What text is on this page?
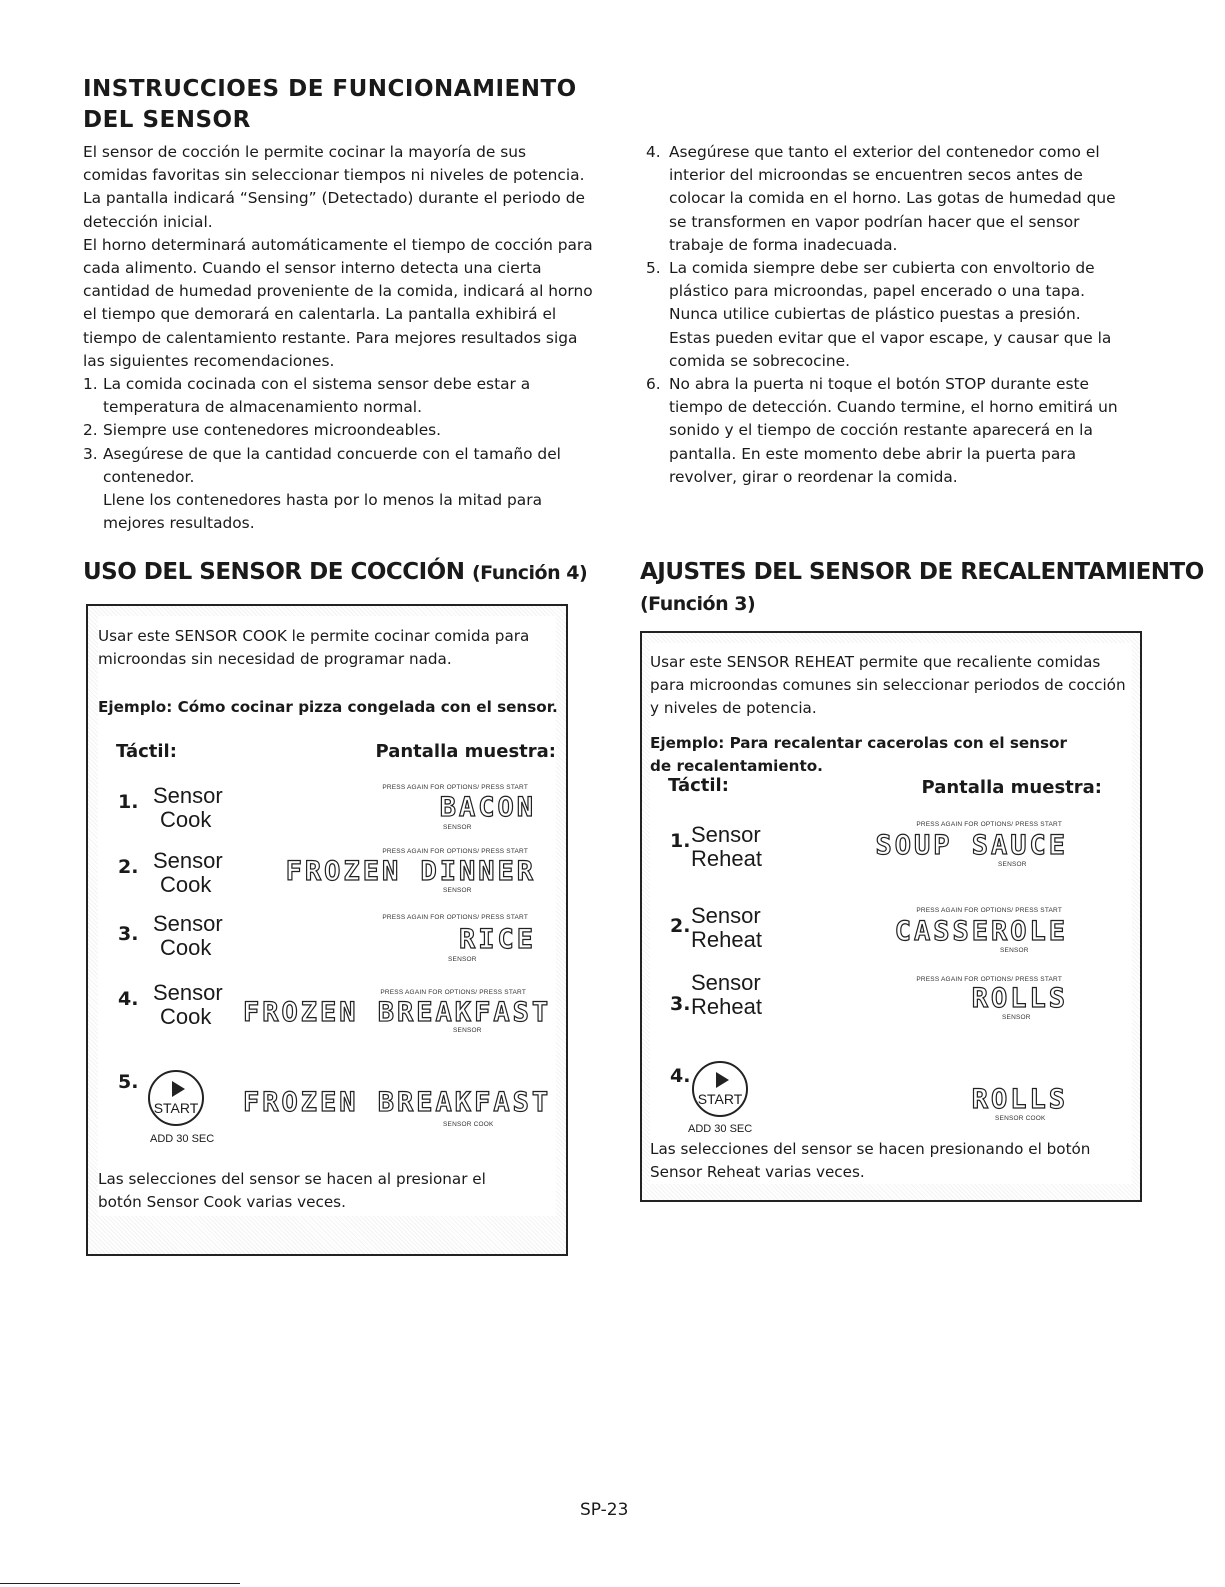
INSTRUCCIOES DE FUNCIONAMIENTO
DEL SENSOR

El sensor de cocción le permite cocinar la mayoría de sus comidas favoritas sin seleccionar tiempos ni niveles de potencia. La pantalla indicará “Sensing” (Detectado) durante el periodo de detección inicial.

El horno determinará automáticamente el tiempo de cocción para cada alimento. Cuando el sensor interno detecta una cierta cantidad de humedad proveniente de la comida, indicará al horno el tiempo que demorará en calentarla. La pantalla exhibirá el tiempo de calentamiento restante. Para mejores resultados siga las siguientes recomendaciones.

1. La comida cocinada con el sistema sensor debe estar a temperatura de almacenamiento normal.

2. Siempre use contenedores microondeables.

3. Asegúrese de que la cantidad concuerde con el tamaño del contenedor.

Llene los contenedores hasta por lo menos la mitad para mejores resultados.

4. Asegúrese que tanto el exterior del contenedor como el interior del microondas se encuentren secos antes de colocar la comida en el horno. Las gotas de humedad que se transformen en vapor podrían hacer que el sensor trabaje de forma inadecuada.

5. La comida siempre debe ser cubierta con envoltorio de plástico para microondas, papel encerado o una tapa. Nunca utilice cubiertas de plástico puestas a presión. Estas pueden evitar que el vapor escape, y causar que la comida se sobrecocine.

6. No abra la puerta ni toque el botón STOP durante este tiempo de detección. Cuando termine, el horno emitirá un sonido y el tiempo de cocción restante aparecerá en la pantalla. En este momento debe abrir la puerta para revolver, girar o reordenar la comida.

USO DEL SENSOR DE COCCIÓN (Función 4)
Usar este SENSOR COOK le permite cocinar comida para microondas sin necesidad de programar nada.
Ejemplo: Cómo cocinar pizza congelada con el sensor.
Táctil:	Pantalla muestra:
1. Sensor
Cook
PRESS AGAIN FOR OPTIONS/ PRESS START
BACON
SENSOR
2. Sensor
Cook
PRESS AGAIN FOR OPTIONS/ PRESS START
FROZEN DINNER
SENSOR
3. Sensor
Cook
PRESS AGAIN FOR OPTIONS/ PRESS START
RICE
SENSOR
4. Sensor
Cook
PRESS AGAIN FOR OPTIONS/ PRESS START
FROZEN BREAKFAST
SENSOR
5.
START
ADD 30 SEC
FROZEN BREAKFAST
SENSOR COOK
Las selecciones del sensor se hacen al presionar el botón Sensor Cook varias veces.
AJUSTES DEL SENSOR DE RECALENTAMIENTO
(Función 3)
Usar este SENSOR REHEAT permite que recaliente comidas para microondas comunes sin seleccionar periodos de cocción y niveles de potencia.
Ejemplo: Para recalentar cacerolas con el sensor de recalentamiento.
Táctil:	Pantalla muestra:
1. Sensor
Reheat
PRESS AGAIN FOR OPTIONS/ PRESS START
SOUP SAUCE
SENSOR
2. Sensor
Reheat
PRESS AGAIN FOR OPTIONS/ PRESS START
CASSEROLE
SENSOR
3.
Sensor
Reheat
PRESS AGAIN FOR OPTIONS/ PRESS START
ROLLS
SENSOR
4.
START
ADD 30 SEC
ROLLS
SENSOR COOK
Las selecciones del sensor se hacen presionando el botón Sensor Reheat varias veces.
SP-23
